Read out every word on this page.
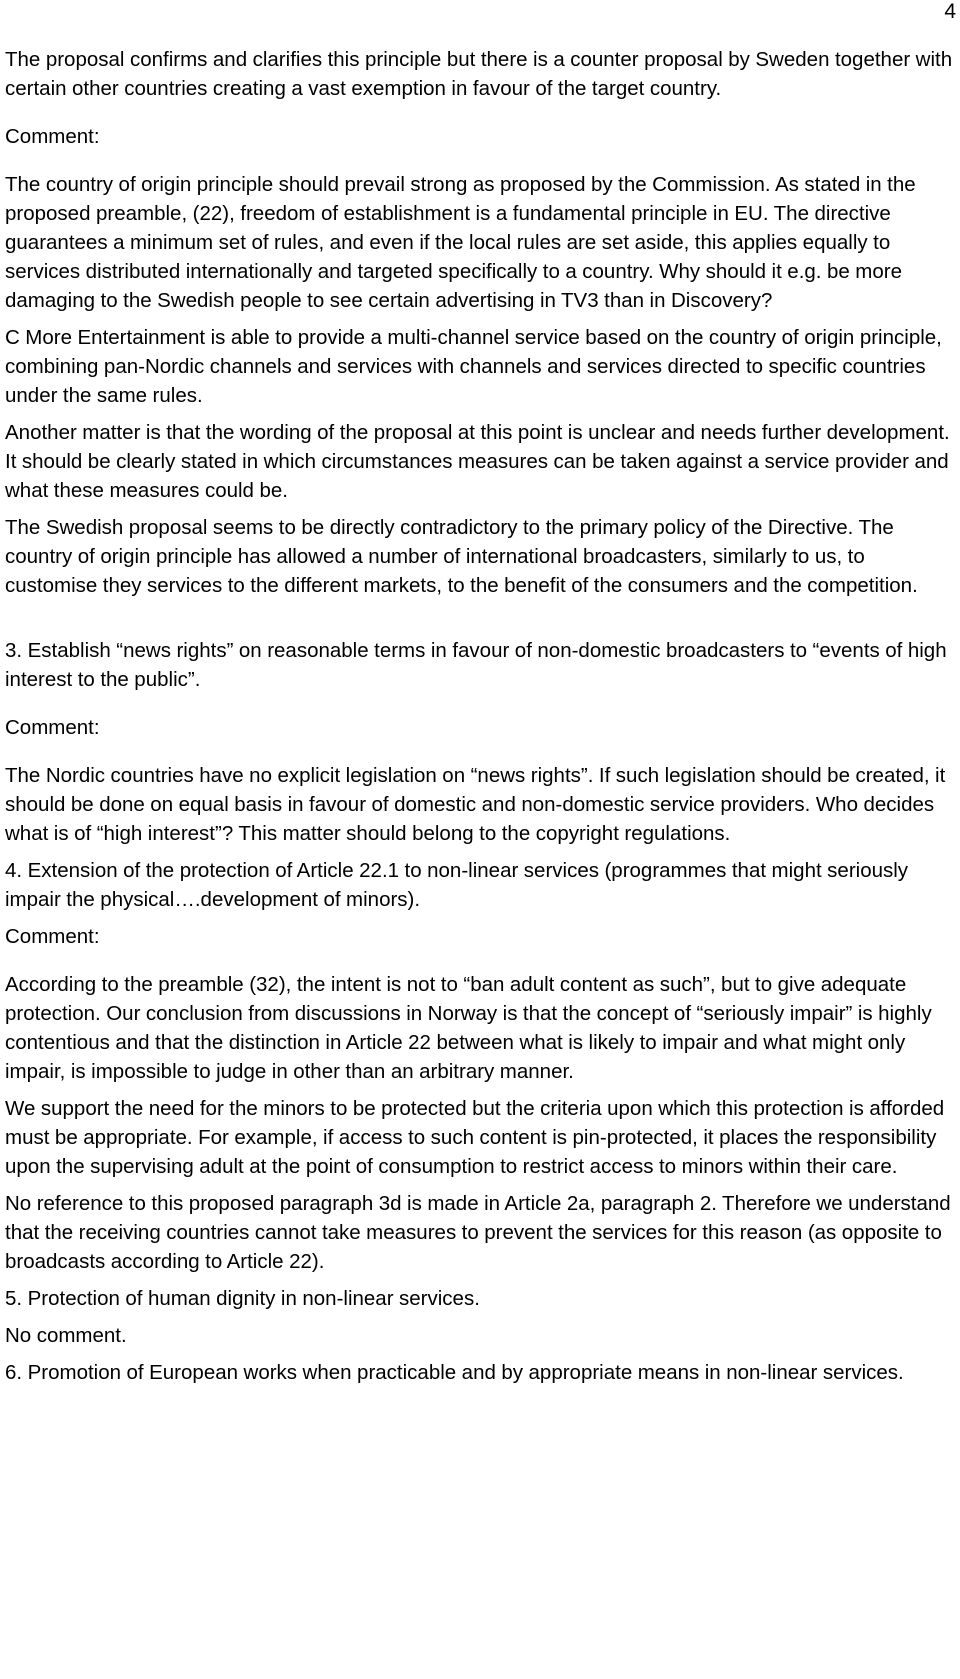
4

The proposal confirms and clarifies this principle but there is a counter proposal by Sweden together with certain other countries creating a vast exemption in favour of the target country.

Comment:

The country of origin principle should prevail strong as proposed by the Commission. As stated in the proposed preamble, (22), freedom of establishment is a fundamental principle in EU. The directive guarantees a minimum set of rules, and even if the local rules are set aside, this applies equally to services distributed internationally and targeted specifically to a country. Why should it e.g. be more damaging to the Swedish people to see certain advertising in TV3 than in Discovery?

C More Entertainment is able to provide a multi-channel service based on the country of origin principle, combining pan-Nordic channels and services with channels and services directed to specific countries under the same rules.

Another matter is that the wording of the proposal at this point is unclear and needs further development. It should be clearly stated in which circumstances measures can be taken against a service provider and what these measures could be.

The Swedish proposal seems to be directly contradictory to the primary policy of the Directive. The country of origin principle has allowed a number of international broadcasters, similarly to us, to customise they services to the different markets, to the benefit of the consumers and the competition.

3. Establish “news rights” on reasonable terms in favour of non-domestic broadcasters to “events of high interest to the public”.

Comment:

The Nordic countries have no explicit legislation on “news rights”. If such legislation should be created, it should be done on equal basis in favour of domestic and non-domestic service providers. Who decides what is of “high interest”? This matter should belong to the copyright regulations.

4. Extension of the protection of Article 22.1 to non-linear services (programmes that might seriously impair the physical….development of minors).

Comment:

According to the preamble (32), the intent is not to “ban adult content as such”, but to give adequate protection. Our conclusion from discussions in Norway is that the concept of “seriously impair” is highly contentious and that the distinction in Article 22 between what is likely to impair and what might only impair, is impossible to judge in other than an arbitrary manner.

We support the need for the minors to be protected but the criteria upon which this protection is afforded must be appropriate. For example, if access to such content is pin-protected, it places the responsibility upon the supervising adult at the point of consumption to restrict access to minors within their care.

No reference to this proposed paragraph 3d is made in Article 2a, paragraph 2. Therefore we understand that the receiving countries cannot take measures to prevent the services for this reason (as opposite to broadcasts according to Article 22).

5. Protection of human dignity in non-linear services.

No comment.

6. Promotion of European works when practicable and by appropriate means in non-linear services.
